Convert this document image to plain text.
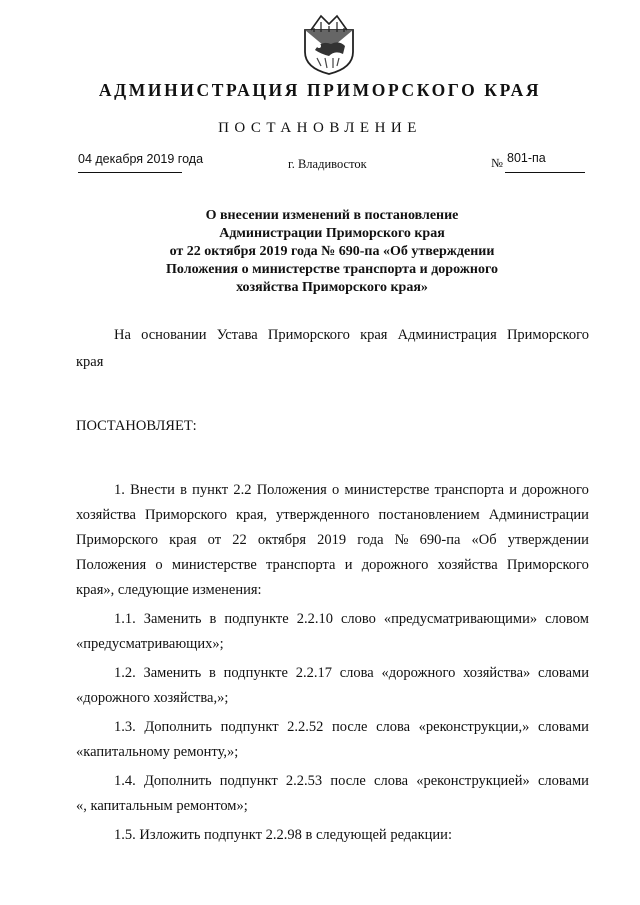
АДМИНИСТРАЦИЯ ПРИМОРСКОГО КРАЯ
ПОСТАНОВЛЕНИЕ
04 декабря 2019 года	г. Владивосток	№ 801-па
О внесении изменений в постановление
Администрации Приморского края
от 22 октября 2019 года № 690-па «Об утверждении
Положения о министерстве транспорта и дорожного
хозяйства Приморского края»
На основании Устава Приморского края Администрация Приморского
края
ПОСТАНОВЛЯЕТ:
1. Внести в пункт 2.2 Положения о министерстве транспорта и дорожного
хозяйства Приморского края, утвержденного постановлением Администрации
Приморского края от 22 октября 2019 года № 690-па «Об утверждении
Положения о министерстве транспорта и дорожного хозяйства Приморского
края», следующие изменения:
1.1. Заменить в подпункте 2.2.10 слово «предусматривающими» словом
«предусматривающих»;
1.2. Заменить в подпункте 2.2.17 слова «дорожного хозяйства» словами
«дорожного хозяйства,»;
1.3. Дополнить подпункт 2.2.52 после слова «реконструкции,» словами
«капитальному ремонту,»;
1.4. Дополнить подпункт 2.2.53 после слова «реконструкцией» словами
«, капитальным ремонтом»;
1.5. Изложить подпункт 2.2.98 в следующей редакции:
